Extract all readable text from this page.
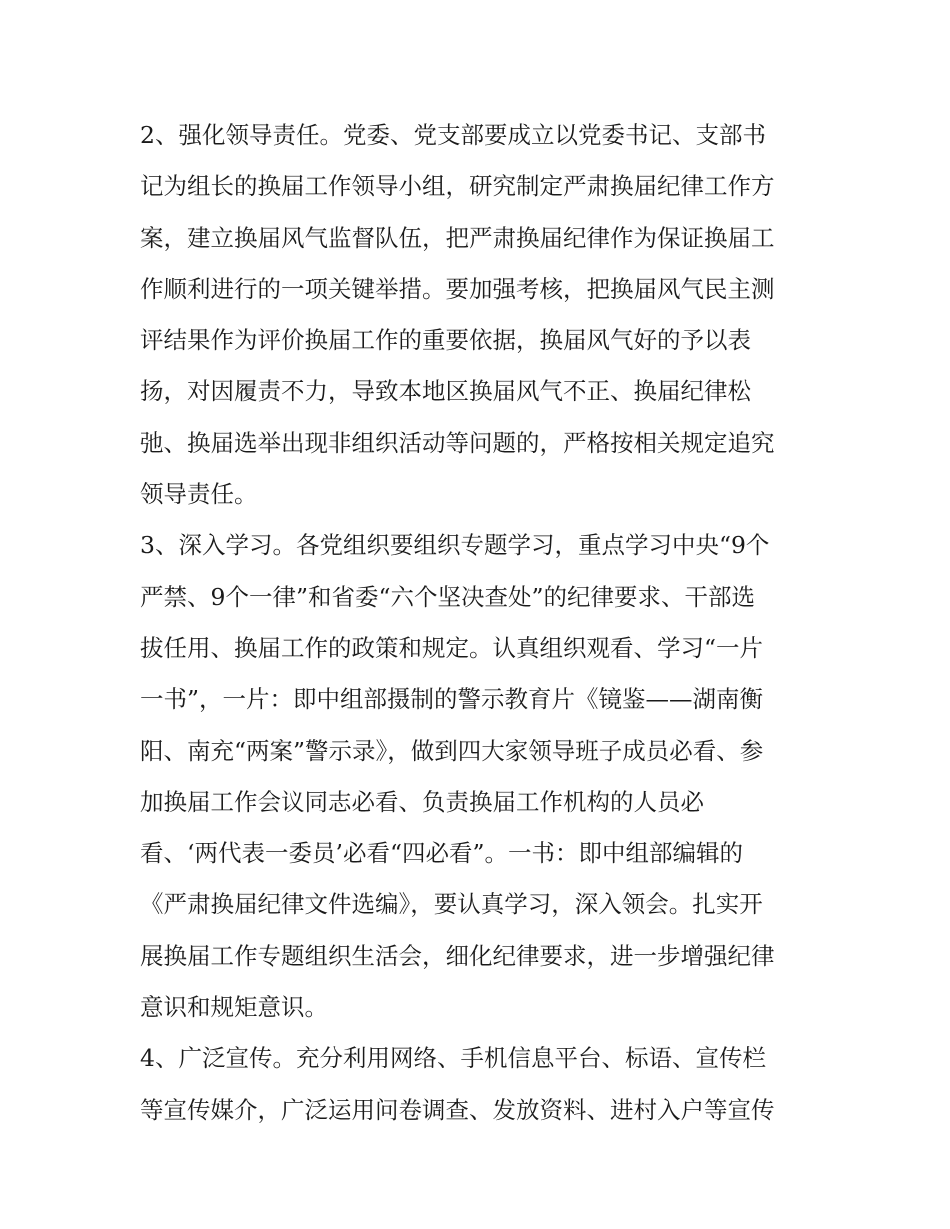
2、强化领导责任。党委、党支部要成立以党委书记、支部书
记为组长的换届工作领导小组，研究制定严肃换届纪律工作方
案，建立换届风气监督队伍，把严肃换届纪律作为保证换届工
作顺利进行的一项关键举措。要加强考核，把换届风气民主测
评结果作为评价换届工作的重要依据，换届风气好的予以表
扬，对因履责不力，导致本地区换届风气不正、换届纪律松
弛、换届选举出现非组织活动等问题的，严格按相关规定追究
领导责任。
3、深入学习。各党组织要组织专题学习，重点学习中央“9个
严禁、9个一律”和省委“六个坚决查处”的纪律要求、干部选
拔任用、换届工作的政策和规定。认真组织观看、学习“一片
一书”，一片：即中组部摄制的警示教育片《镜鉴——湖南衡
阳、南充“两案”警示录》，做到四大家领导班子成员必看、参
加换届工作会议同志必看、负责换届工作机构的人员必
看、‘两代表一委员’必看“四必看”。一书：即中组部编辑的
《严肃换届纪律文件选编》，要认真学习，深入领会。扎实开
展换届工作专题组织生活会，细化纪律要求，进一步增强纪律
意识和规矩意识。
4、广泛宣传。充分利用网络、手机信息平台、标语、宣传栏
等宣传媒介，广泛运用问卷调查、发放资料、进村入户等宣传
